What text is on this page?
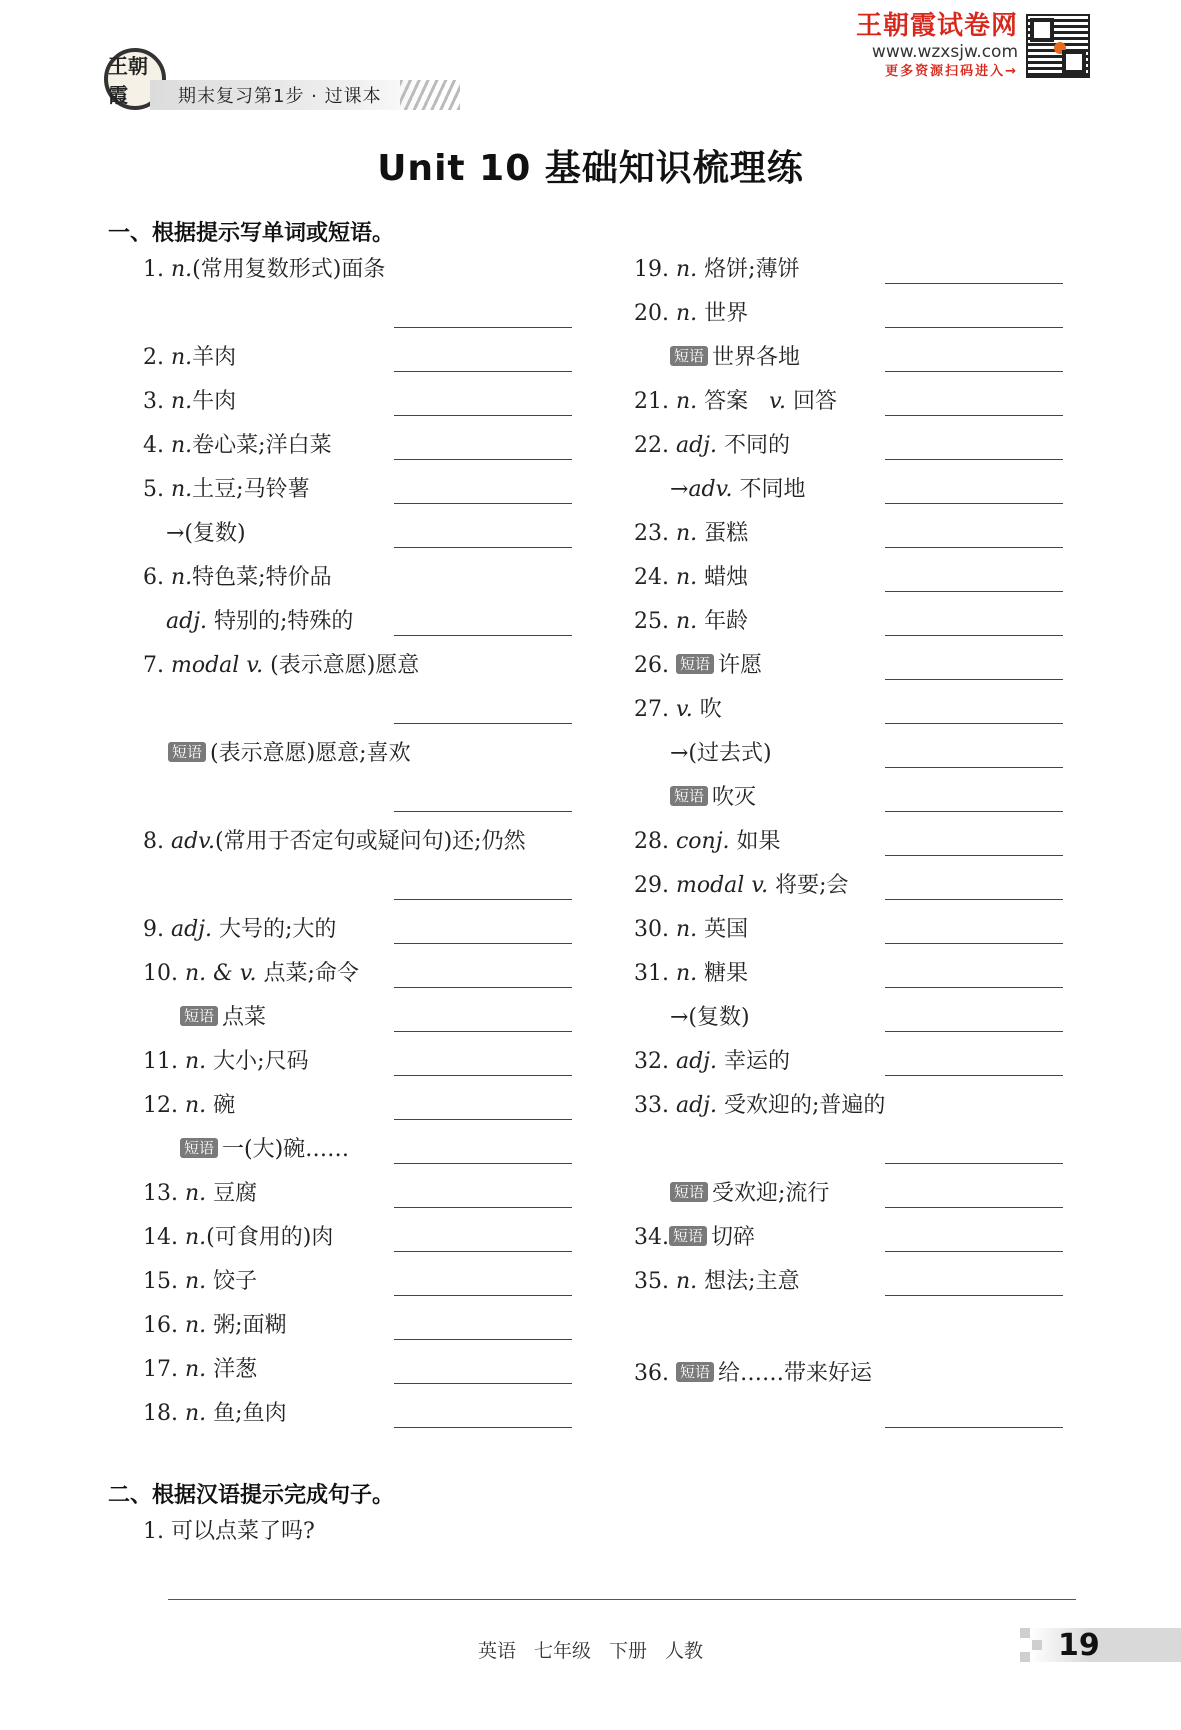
王朝霞	期末复习第1步 · 过课本
王朝霞试卷网
www.wzxsjw.com
更多资源扫码进入→
Unit 10 基础知识梳理练
一、根据提示写单词或短语。
1. n.(常用复数形式)面条
2. n.羊肉
3. n.牛肉
4. n.卷心菜;洋白菜
5. n.土豆;马铃薯
→(复数)
6. n.特色菜;特价品
adj. 特别的;特殊的
7. modal v. (表示意愿)愿意
短语 (表示意愿)愿意;喜欢
8. adv.(常用于否定句或疑问句)还;仍然
9. adj. 大号的;大的
10. n. & v. 点菜;命令
短语 点菜
11. n. 大小;尺码
12. n. 碗
短语 一(大)碗……
13. n. 豆腐
14. n.(可食用的)肉
15. n. 饺子
16. n. 粥;面糊
17. n. 洋葱
18. n. 鱼;鱼肉
19. n. 烙饼;薄饼
20. n. 世界
短语 世界各地
21. n. 答案 v. 回答
22. adj. 不同的
→adv. 不同地
23. n. 蛋糕
24. n. 蜡烛
25. n. 年龄
26. 短语 许愿
27. v. 吹
→(过去式)
短语 吹灭
28. conj. 如果
29. modal v. 将要;会
30. n. 英国
31. n. 糖果
→(复数)
32. adj. 幸运的
33. adj. 受欢迎的;普遍的
短语 受欢迎;流行
34. 短语 切碎
35. n. 想法;主意
36. 短语 给……带来好运
二、根据汉语提示完成句子。
1. 可以点菜了吗?
英语 七年级 下册 人教	19
